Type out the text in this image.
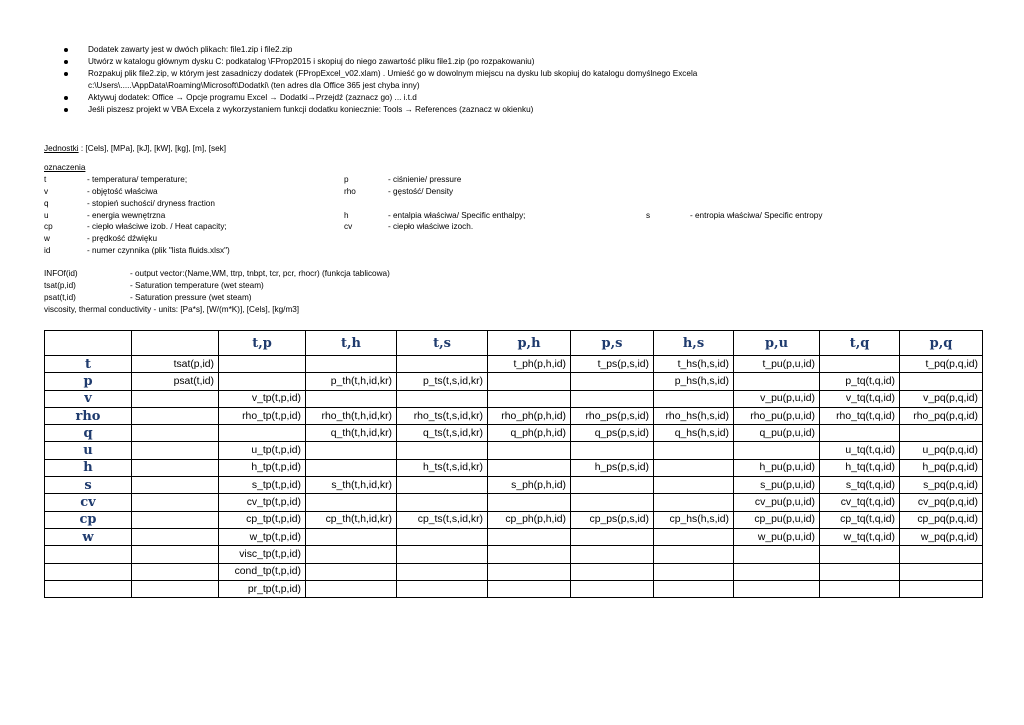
Dodatek zawarty jest w dwóch plikach: file1.zip i file2.zip
Utwórz w katalogu głównym dysku C: podkatalog \FProp2015 i skopiuj do niego zawartość pliku file1.zip (po rozpakowaniu)
Rozpakuj plik file2.zip, w którym jest zasadniczy dodatek (FPropExcel_v02.xlam) . Umieść go w dowolnym miejscu na dysku lub skopiuj do katalogu domyślnego Excela
c:\Users\.....\AppData\Roaming\Microsoft\Dodatki\ (ten adres dla Office 365 jest chyba inny)
Aktywuj dodatek: Office → Opcje programu Excel → Dodatki→Przejdź (zaznacz go) ... i.t.d
Jeśli piszesz projekt w VBA Excela z wykorzystaniem funkcji dodatku koniecznie: Tools → References (zaznacz w okienku)
Jednostki : [Cels], [MPa], [kJ], [kW], [kg], [m], [sek]
oznaczenia
t	- temperatura/ temperature;	p	- ciśnienie/ pressure
v	- objętość właściwa	rho	- gęstość/ Density
q	- stopień suchości/ dryness fraction
u	- energia wewnętrzna	h	- entalpia właściwa/ Specific enthalpy;	s	- entropia właściwa/ Specific entropy
cp	- ciepło właściwe izob. / Heat capacity;	cv	- ciepło właściwe izoch.
w	- prędkość dźwięku
id	- numer czynnika (plik "lista fluids.xlsx")
INFOf(id)	- output vector:(Name,WM, ttrp, tnbpt, tcr, pcr, rhocr) (funkcja tablicowa)
tsat(p,id)	- Saturation temperature (wet steam)
psat(t,id)	- Saturation pressure (wet steam)
viscosity, thermal conductivity - units: [Pa*s], [W/(m*K)], [Cels], [kg/m3]
		t,p	t,h	t,s	p,h	p,s	h,s	p,u	t,q	p,q
t	tsat(p,id)				t_ph(p,h,id)	t_ps(p,s,id)	t_hs(h,s,id)	t_pu(p,u,id)		t_pq(p,q,id)
p	psat(t,id)		p_th(t,h,id,kr)	p_ts(t,s,id,kr)			p_hs(h,s,id)		p_tq(t,q,id)	
v		v_tp(t,p,id)						v_pu(p,u,id)	v_tq(t,q,id)	v_pq(p,q,id)
rho		rho_tp(t,p,id)	rho_th(t,h,id,kr)	rho_ts(t,s,id,kr)	rho_ph(p,h,id)	rho_ps(p,s,id)	rho_hs(h,s,id)	rho_pu(p,u,id)	rho_tq(t,q,id)	rho_pq(p,q,id)
q			q_th(t,h,id,kr)	q_ts(t,s,id,kr)	q_ph(p,h,id)	q_ps(p,s,id)	q_hs(h,s,id)	q_pu(p,u,id)		
u		u_tp(t,p,id)							u_tq(t,q,id)	u_pq(p,q,id)
h		h_tp(t,p,id)		h_ts(t,s,id,kr)		h_ps(p,s,id)		h_pu(p,u,id)	h_tq(t,q,id)	h_pq(p,q,id)
s		s_tp(t,p,id)	s_th(t,h,id,kr)		s_ph(p,h,id)			s_pu(p,u,id)	s_tq(t,q,id)	s_pq(p,q,id)
cv		cv_tp(t,p,id)						cv_pu(p,u,id)	cv_tq(t,q,id)	cv_pq(p,q,id)
cp		cp_tp(t,p,id)	cp_th(t,h,id,kr)	cp_ts(t,s,id,kr)	cp_ph(p,h,id)	cp_ps(p,s,id)	cp_hs(h,s,id)	cp_pu(p,u,id)	cp_tq(t,q,id)	cp_pq(p,q,id)
w		w_tp(t,p,id)						w_pu(p,u,id)	w_tq(t,q,id)	w_pq(p,q,id)
		visc_tp(t,p,id)								
		cond_tp(t,p,id)								
		pr_tp(t,p,id)								
